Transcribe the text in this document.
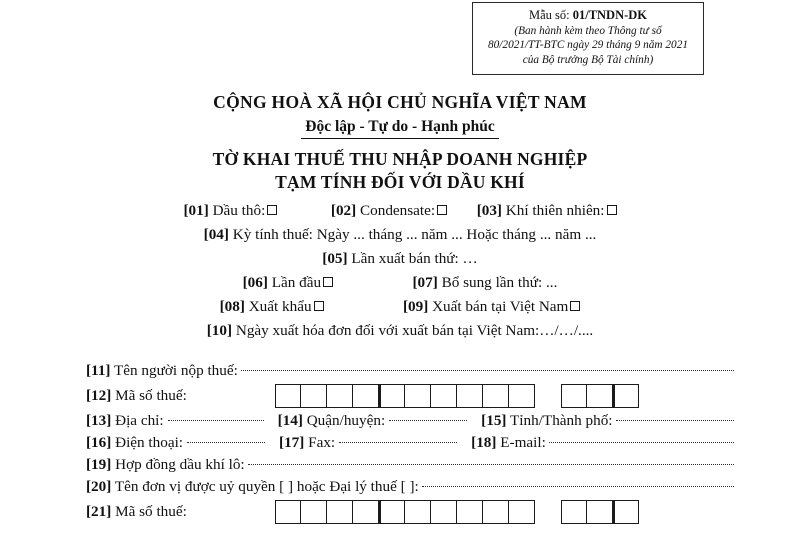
Mẫu số: 01/TNDN-DK
(Ban hành kèm theo Thông tư số
80/2021/TT-BTC ngày 29 tháng 9 năm 2021
của Bộ trưởng Bộ Tài chính)
CỘNG HOÀ XÃ HỘI CHỦ NGHĨA VIỆT NAM
Độc lập - Tự do - Hạnh phúc
TỜ KHAI THUẾ THU NHẬP DOANH NGHIỆP
TẠM TÍNH ĐỐI VỚI DẦU KHÍ
[01] Dầu thô:	[02] Condensate:	[03] Khí thiên nhiên:
[04] Kỳ tính thuế: Ngày ... tháng ... năm ... Hoặc tháng ... năm ...
[05] Lần xuất bán thứ: …
[06] Lần đầu	[07] Bổ sung lần thứ: ...
[08] Xuất khẩu	[09] Xuất bán tại Việt Nam
[10] Ngày xuất hóa đơn đối với xuất bán tại Việt Nam:…/…/....
[11] Tên người nộp thuế:
[12] Mã số thuế:
[13] Địa chỉ:	[14] Quận/huyện:	[15] Tỉnh/Thành phố:
[16] Điện thoại:	[17] Fax:	[18] E-mail:
[19] Hợp đồng dầu khí lô:
[20] Tên đơn vị được uỷ quyền [ ] hoặc Đại lý thuế [ ]:
[21] Mã số thuế:
